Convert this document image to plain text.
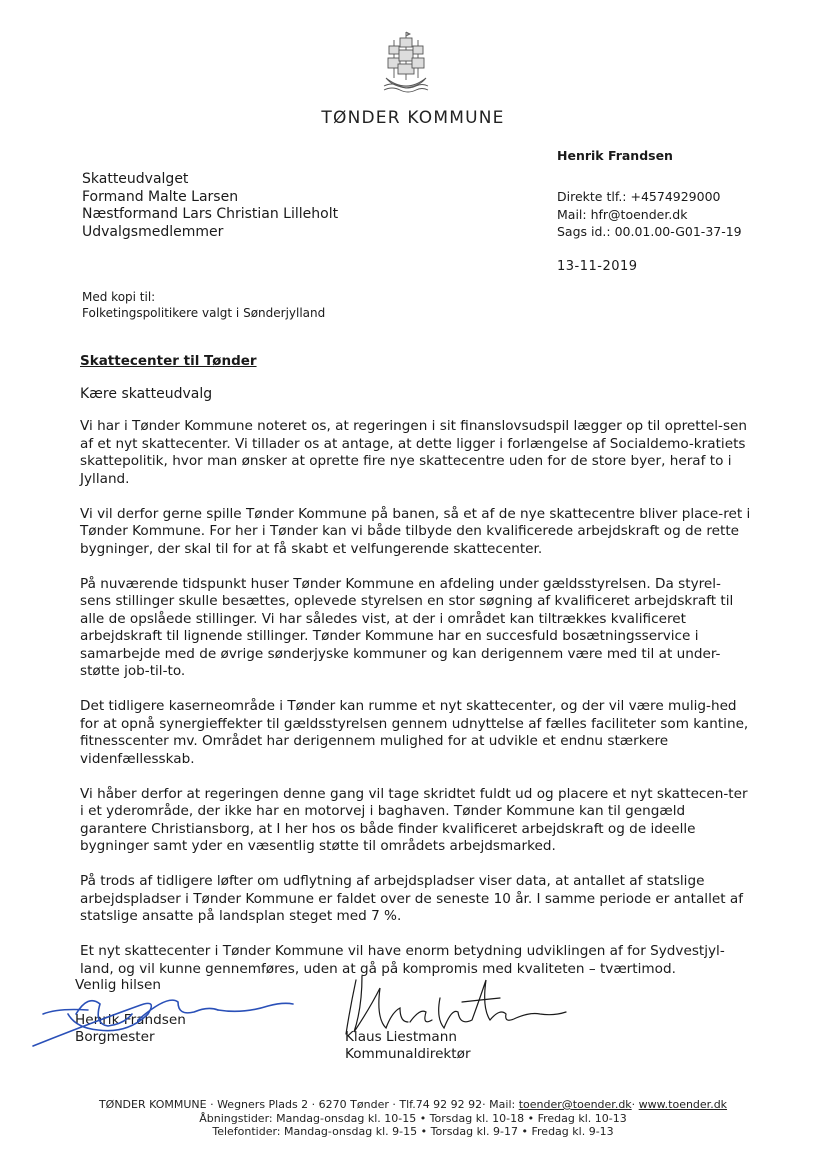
TØNDER KOMMUNE
Henrik Frandsen
Skatteudvalget
Formand Malte Larsen
Næstformand Lars Christian Lilleholt
Udvalgsmedlemmer
Direkte tlf.: +4574929000
Mail: hfr@toender.dk
Sags id.: 00.01.00-G01-37-19
13-11-2019
Med kopi til:
Folketingspolitikere valgt i Sønderjylland
Skattecenter til Tønder
Kære skatteudvalg

Vi har i Tønder Kommune noteret os, at regeringen i sit finanslovsudspil lægger op til oprettel-sen af et nyt skattecenter. Vi tillader os at antage, at dette ligger i forlængelse af Socialdemo-kratiets skattepolitik, hvor man ønsker at oprette fire nye skattecentre uden for de store byer, heraf to i Jylland.

Vi vil derfor gerne spille Tønder Kommune på banen, så et af de nye skattecentre bliver place-ret i Tønder Kommune. For her i Tønder kan vi både tilbyde den kvalificerede arbejdskraft og de rette bygninger, der skal til for at få skabt et velfungerende skattecenter.

På nuværende tidspunkt huser Tønder Kommune en afdeling under gældsstyrelsen. Da styrel-sens stillinger skulle besættes, oplevede styrelsen en stor søgning af kvalificeret arbejdskraft til alle de opslåede stillinger. Vi har således vist, at der i området kan tiltrækkes kvalificeret arbejdskraft til lignende stillinger. Tønder Kommune har en succesfuld bosætningsservice i samarbejde med de øvrige sønderjyske kommuner og kan derigennem være med til at under-støtte job-til-to.

Det tidligere kaserneområde i Tønder kan rumme et nyt skattecenter, og der vil være mulig-hed for at opnå synergieffekter til gældsstyrelsen gennem udnyttelse af fælles faciliteter som kantine, fitnesscenter mv. Området har derigennem mulighed for at udvikle et endnu stærkere videnfællesskab.

Vi håber derfor at regeringen denne gang vil tage skridtet fuldt ud og placere et nyt skattecen-ter i et yderområde, der ikke har en motorvej i baghaven. Tønder Kommune kan til gengæld garantere Christiansborg, at I her hos os både finder kvalificeret arbejdskraft og de ideelle bygninger samt yder en væsentlig støtte til områdets arbejdsmarked.

På trods af tidligere løfter om udflytning af arbejdspladser viser data, at antallet af statslige arbejdspladser i Tønder Kommune er faldet over de seneste 10 år. I samme periode er antallet af statslige ansatte på landsplan steget med 7 %.

Et nyt skattecenter i Tønder Kommune vil have enorm betydning udviklingen af for Sydvestjyl-land, og vil kunne gennemføres, uden at gå på kompromis med kvaliteten – tværtimod.

Venlig hilsen
Henrik Frandsen
Borgmester	Klaus Liestmann
Kommunaldirektør
TØNDER KOMMUNE · Wegners Plads 2 · 6270 Tønder · Tlf.74 92 92 92· Mail: toender@toender.dk· www.toender.dk
Åbningstider: Mandag-onsdag kl. 10-15 • Torsdag kl. 10-18 • Fredag kl. 10-13
Telefontider: Mandag-onsdag kl. 9-15 • Torsdag kl. 9-17 • Fredag kl. 9-13
